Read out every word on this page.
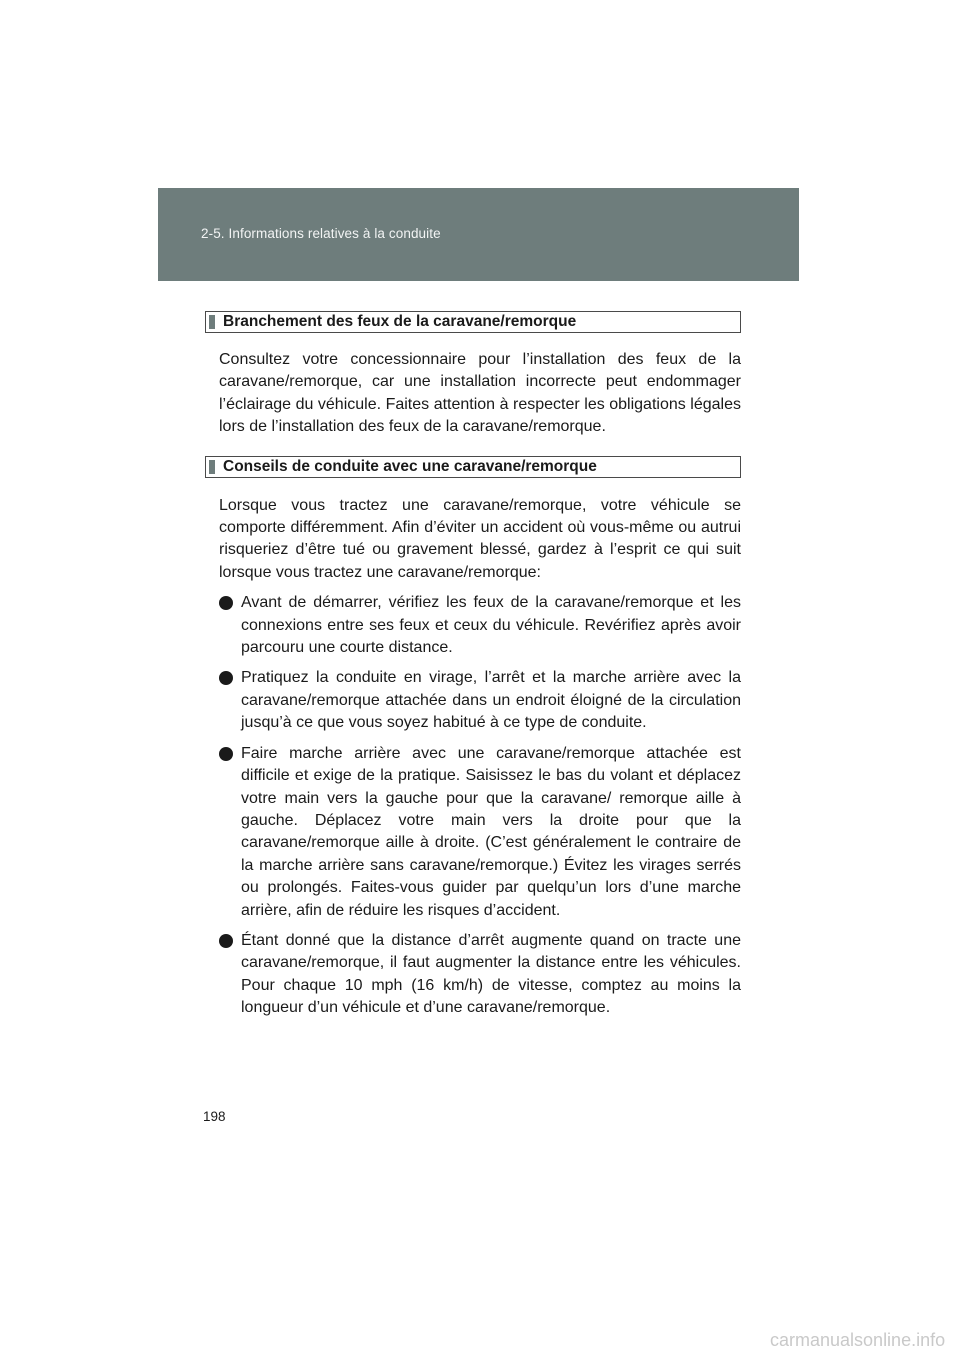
2-5. Informations relatives à la conduite
Branchement des feux de la caravane/remorque

Consultez votre concessionnaire pour l’installation des feux de la caravane/remorque, car une installation incorrecte peut endommager l’éclairage du véhicule. Faites attention à respecter les obligations légales lors de l’installation des feux de la caravane/remorque.

Conseils de conduite avec une caravane/remorque

Lorsque vous tractez une caravane/remorque, votre véhicule se comporte différemment. Afin d’éviter un accident où vous-même ou autrui risqueriez d’être tué ou gravement blessé, gardez à l’esprit ce qui suit lorsque vous tractez une caravane/remorque:

Avant de démarrer, vérifiez les feux de la caravane/remorque et les connexions entre ses feux et ceux du véhicule. Revérifiez après avoir parcouru une courte distance.
Pratiquez la conduite en virage, l’arrêt et la marche arrière avec la caravane/remorque attachée dans un endroit éloigné de la circulation jusqu’à ce que vous soyez habitué à ce type de conduite.
Faire marche arrière avec une caravane/remorque attachée est difficile et exige de la pratique. Saisissez le bas du volant et déplacez votre main vers la gauche pour que la caravane/ remorque aille à gauche. Déplacez votre main vers la droite pour que la caravane/remorque aille à droite. (C’est généralement le contraire de la marche arrière sans caravane/remorque.) Évitez les virages serrés ou prolongés. Faites-vous guider par quelqu’un lors d’une marche arrière, afin de réduire les risques d’accident.
Étant donné que la distance d’arrêt augmente quand on tracte une caravane/remorque, il faut augmenter la distance entre les véhicules. Pour chaque 10 mph (16 km/h) de vitesse, comptez au moins la longueur d’un véhicule et d’une caravane/remorque.
198
carmanualsonline.info
